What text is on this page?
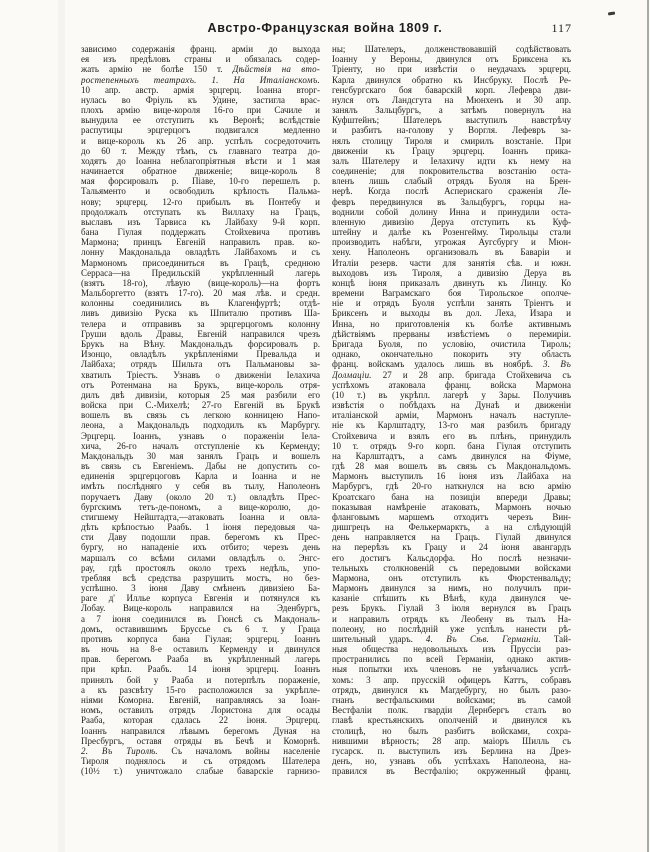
Австро-Французская война 1809 г.	117
зависимо содержанія франц. арміи до выхода
ея изъ предѣловъ страны и обязалась содер-
жать армію не болѣе 150 т. Дѣйствія на вто-
ростепенныхъ театрахъ. 1. На Италіанскомъ.
10 апр. австр. армія эрцгерц. Іоанна вторг-
нулась во Фріуль къ Удине, застигла врас-
плохъ армію вице-короля 16-го при Сачиле и
вынудила ее отступить къ Веронѣ; вслѣдствіе
распутицы эрцгерцогъ подвигался медленно
и вице-король къ 26 апр. успѣлъ сосредоточить
до 60 т. Между тѣмъ, съ главнаго театра до-
ходятъ до Іоанна неблагопріятныя вѣсти и 1 мая
начинается обратное движеніе; вице-король 8
мая форсировалъ р. Піаве, 10-го перешелъ р.
Тальяменто и освободилъ крѣпость Пальма-
нову; эрцгерц. 12-го прибылъ въ Понтебу и
продолжалъ отступать къ Виллаху на Грацъ,
выславъ изъ Тарвиса къ Лайбаху 9-й корп.
бана Гіулая поддержать Стойхевича противъ
Мармона; принцъ Евгеній направилъ прав. ко-
лонну Макдональда овладѣть Лайбахомъ и съ
Мармономъ присоединиться въ Грацѣ, среднюю
Серраса—на Предильскій укрѣпленный лагерь
(взятъ 18-го), лѣвую (вице-король)—на фортъ
Мальборгетто (взятъ 17-го). 20 мая лѣв. и средн.
колонны соединились въ Клагенфуртѣ; отдѣ-
ливъ дивизію Руска къ Шпиталю противъ Ша-
телера и отправивъ за эрцгерцогомъ колонну
Груши вдоль Дравы, Евгеній направился чрезъ
Брукъ на Вѣну. Макдональдъ форсировалъ р.
Изонцо, овладѣлъ укрѣпленіями Превальда и
Лайбаха; отрядъ Шильта отъ Пальмановы за-
хватилъ Тріестъ. Узнавъ о движеніи Іелахича
отъ Ротенмана на Брукъ, вице-король отря-
дилъ двѣ дивизіи, которыя 25 мая разбили его
войска при С.-Михелѣ; 27-го Евгеній въ Брукѣ
вошелъ въ связь съ легкою конницею Напо-
леона, а Макдональдъ подходилъ къ Марбургу.
Эрцгерц. Іоаннъ, узнавъ о пораженіи Іела-
хича, 26-го началъ отступленіе къ Керменду;
Макдональдъ 30 мая занялъ Грацъ и вошелъ
въ связь съ Евгеніемъ. Дабы не допустить со-
единенія эрцгерцоговъ Карла и Іоанна и не
имѣть послѣдняго у себя въ тылу, Наполеонъ
поручаетъ Даву (около 20 т.) овладѣть Прес-
бургскимъ тетъ-де-пономъ, а вице-королю, до-
стигшему Нейштадта,—атаковать Іоанна и овла-
дѣть крѣпостью Раабъ. 1 іюня передовыя ча-
сти Даву подошли прав. берегомъ къ Прес-
бургу, но нападеніе ихъ отбито; черезъ день
маршалъ со всѣми силами овладѣлъ о. Энгс-
рау, гдѣ простоялъ около трехъ недѣль, упо-
требляя всѣ средства разрушить мостъ, но без-
успѣшно. 3 іюня Даву смѣненъ дивизіею Ба-
раге д' Иллье корпуса Евгенія и потянулся къ
Лобау. Вице-король направился на Эденбургъ,
а 7 іюня соединился въ Гюнсѣ съ Макдональ-
домъ, оставившимъ Бруссье съ 6 т. у Граца
противъ корпуса бана Гіулая; эрцгерц. Іоаннъ
въ ночь на 8-е оставилъ Керменду и двинулся
прав. берегомъ Рааба въ укрѣпленный лагерь
при крѣп. Раабъ. 14 іюня эрцгерц. Іоаннъ
принялъ бой у Рааба и потерпѣлъ пораженіе,
а къ разсвѣту 15-го расположился за укрѣпле-
ніями Коморна. Евгеній, направляясь за Іоан-
номъ, оставилъ отрядъ Лористона для осады
Рааба, которая сдалась 22 іюня. Эрцгерц.
Іоаннъ направился лѣвымъ берегомъ Дуная на
Пресбургъ, оставя отряды въ Бечѣ и Коморнѣ.
2. Въ Тиролѣ. Съ началомъ войны населеніе
Тироля поднялось и съ отрядомъ Шателера
(10½ т.) уничтожало слабые баварскіе гарнизо-
ны; Шателеръ, долженствовавшій содѣйствовать
Іоанну у Вероны, двинулся отъ Бриксена къ
Тріенту, но при извѣстіи о неудачахъ эрцгерц.
Карла двинулся обратно къ Инсбруку. Послѣ Ре-
генсбургскаго боя баварскій корп. Лефевра дви-
нулся отъ Ландсгута на Мюнхенъ и 30 апр.
занялъ Зальцбургъ, а затѣмъ повернулъ на
Куфштейнъ; Шателеръ выступилъ навстрѣчу
и разбитъ на-голову у Воргля. Лефевръ за-
нялъ столицу Тироля и смирилъ возстаніе. При
движеніи къ Грацу эрцгерц. Іоаннъ прика-
залъ Шателеру и Іелахичу идти къ нему на
соединеніе; для покровительства возстанію оста-
вленъ лишь слабый отрядъ Буоля на Брен-
нерѣ. Когда послѣ Асперискаго сраженія Ле-
февръ передвинулся въ Зальцбургъ, горцы на-
воднили собой долину Инна и принудили оста-
вленную дивизію Деруа отступить къ Куф-
штейну и далѣе къ Розенгейму. Тирольцы стали
производить набѣги, угрожая Аугсбургу и Мюн-
хену. Наполеонъ организовалъ въ Баваріи и
Италіи резерв. части для занятія сѣв. и южн.
выходовъ изъ Тироля, а дивизію Деруа въ
концѣ іюня приказалъ двинуть къ Линцу. Ко
времени Ваграмскаго боя Тирольское ополче-
ніе и отрядъ Буоля успѣли занять Тріентъ и
Бриксенъ и выходы въ дол. Леха, Изара и
Инна, но приготовленія къ болѣе активнымъ
дѣйствіямъ прерваны извѣстіемъ о перемиріи.
Бригада Буоля, по условію, очистила Тироль;
однако, окончательно покорить эту область
франц. войскамъ удалось лишь въ ноябрѣ. 3. Въ
Долмаціи. 27 и 28 апр. бригада Стойхевича съ
успѣхомъ атаковала франц. войска Мармона
(10 т.) въ укрѣпл. лагерѣ у Зары. Получивъ
извѣстія о побѣдахъ на Дунаѣ и движеніи
италіанской арміи, Мармонъ началъ наступле-
ніе къ Карлштадту, 13-го мая разбилъ бригаду
Стойхевича и взялъ его въ плѣнъ, принудилъ
10 т. отрядъ 9-го корп. бана Гіулая отступить
на Карлштадтъ, а самъ двинулся на Фіуме,
гдѣ 28 мая вошелъ въ связь съ Макдональдомъ.
Мармонъ выступилъ 16 іюня изъ Лайбаха на
Марбургъ, гдѣ 20-го наткнулся на всю армію
Кроатскаго бана на позиціи впереди Дравы;
показывая намѣреніе атаковать, Мармонъ ночью
фланговымъ маршемъ отходитъ черезъ Вин-
дишгрецъ на Фелькермарктъ, а на слѣдующій
день направляется на Грацъ. Гіулай двинулся
на перерѣзъ къ Грацу и 24 іюня авангардъ
его достигъ Кальсдорфа. Но послѣ незначи-
тельныхъ столкновеній съ передовыми войсками
Мармона, онъ отступилъ къ Фюрстенвальду;
Мармонъ двинулся за нимъ, но получилъ при-
казаніе спѣшить къ Вѣнѣ, куда двинулся че-
резъ Брукъ. Гіулай 3 іюля вернулся въ Грацъ
и направилъ отрядъ къ Леобену въ тылъ На-
полеону, но послѣдній уже успѣлъ нанести рѣ-
шительный ударъ. 4. Въ Сѣв. Германіи. Тай-
ныя общества недовольныхъ изъ Пруссіи раз-
пространились по всей Германіи, однако актив-
ныя попытки ихъ членовъ не увѣнчались успѣ-
хомъ: 3 апр. прусскій офицеръ Каттъ, собравъ
отрядъ, двинулся къ Магдебургу, но былъ разо-
гнанъ вестфальскими войсками; въ самой
Вестфаліи полк. гвардіи Дернбергъ сталъ во
главѣ крестьянскихъ ополченій и двинулся къ
столицѣ, но былъ разбитъ войсками, сохра-
нившими вѣрность; 28 апр. маіоръ Шилль съ
гусарск. п. выступилъ изъ Берлина на Дрез-
денъ, но, узнавъ объ успѣхахъ Наполеона, на-
правился въ Вестфалію; окруженный франц.
